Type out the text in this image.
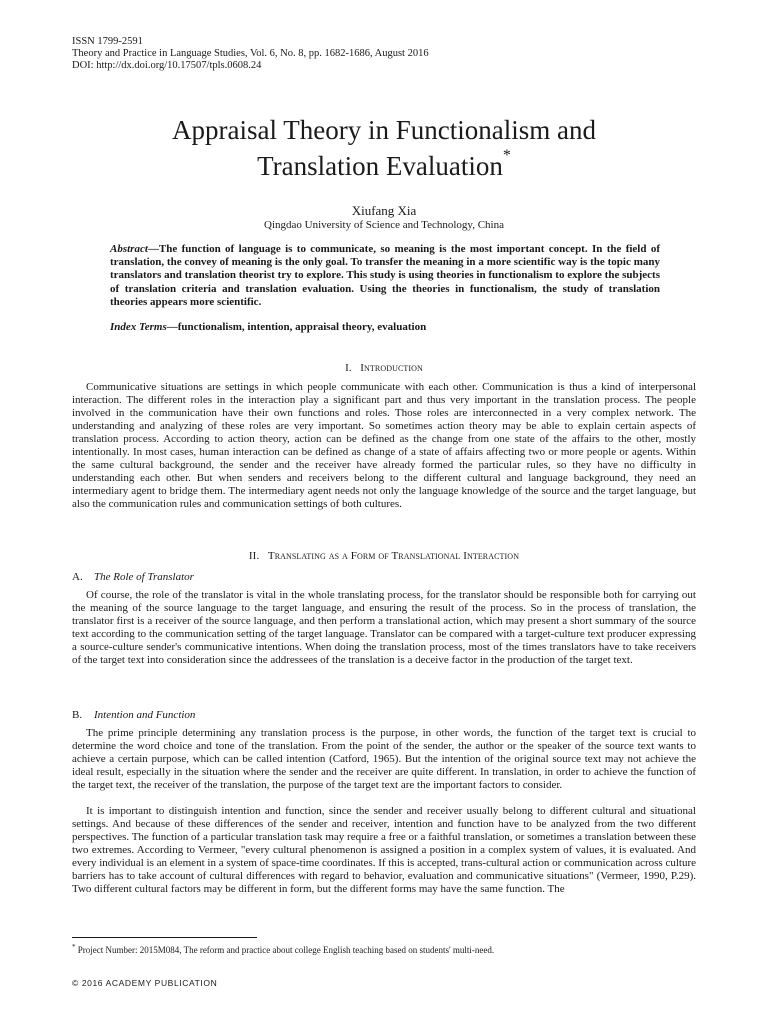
ISSN 1799-2591
Theory and Practice in Language Studies, Vol. 6, No. 8, pp. 1682-1686, August 2016
DOI: http://dx.doi.org/10.17507/tpls.0608.24
Appraisal Theory in Functionalism and
Translation Evaluation*
Xiufang Xia
Qingdao University of Science and Technology, China
Abstract—The function of language is to communicate, so meaning is the most important concept. In the field of translation, the convey of meaning is the only goal. To transfer the meaning in a more scientific way is the topic many translators and translation theorist try to explore. This study is using theories in functionalism to explore the subjects of translation criteria and translation evaluation. Using the theories in functionalism, the study of translation theories appears more scientific.
Index Terms—functionalism, intention, appraisal theory, evaluation
I. Introduction
Communicative situations are settings in which people communicate with each other. Communication is thus a kind of interpersonal interaction. The different roles in the interaction play a significant part and thus very important in the translation process. The people involved in the communication have their own functions and roles. Those roles are interconnected in a very complex network. The understanding and analyzing of these roles are very important. So sometimes action theory may be able to explain certain aspects of translation process. According to action theory, action can be defined as the change from one state of the affairs to the other, mostly intentionally. In most cases, human interaction can be defined as change of a state of affairs affecting two or more people or agents. Within the same cultural background, the sender and the receiver have already formed the particular rules, so they have no difficulty in understanding each other. But when senders and receivers belong to the different cultural and language background, they need an intermediary agent to bridge them. The intermediary agent needs not only the language knowledge of the source and the target language, but also the communication rules and communication settings of both cultures.
II. Translating as a Form of Translational Interaction
A. The Role of Translator
Of course, the role of the translator is vital in the whole translating process, for the translator should be responsible both for carrying out the meaning of the source language to the target language, and ensuring the result of the process. So in the process of translation, the translator first is a receiver of the source language, and then perform a translational action, which may present a short summary of the source text according to the communication setting of the target language. Translator can be compared with a target-culture text producer expressing a source-culture sender's communicative intentions. When doing the translation process, most of the times translators have to take receivers of the target text into consideration since the addressees of the translation is a deceive factor in the production of the target text.
B. Intention and Function
The prime principle determining any translation process is the purpose, in other words, the function of the target text is crucial to determine the word choice and tone of the translation. From the point of the sender, the author or the speaker of the source text wants to achieve a certain purpose, which can be called intention (Catford, 1965). But the intention of the original source text may not achieve the ideal result, especially in the situation where the sender and the receiver are quite different. In translation, in order to achieve the function of the target text, the receiver of the translation, the purpose of the target text are the important factors to consider.
It is important to distinguish intention and function, since the sender and receiver usually belong to different cultural and situational settings. And because of these differences of the sender and receiver, intention and function have to be analyzed from the two different perspectives. The function of a particular translation task may require a free or a faithful translation, or sometimes a translation between these two extremes. According to Vermeer, "every cultural phenomenon is assigned a position in a complex system of values, it is evaluated. And every individual is an element in a system of space-time coordinates. If this is accepted, trans-cultural action or communication across culture barriers has to take account of cultural differences with regard to behavior, evaluation and communicative situations" (Vermeer, 1990, P.29). Two different cultural factors may be different in form, but the different forms may have the same function. The
* Project Number: 2015M084, The reform and practice about college English teaching based on students' multi-need.
© 2016 ACADEMY PUBLICATION
